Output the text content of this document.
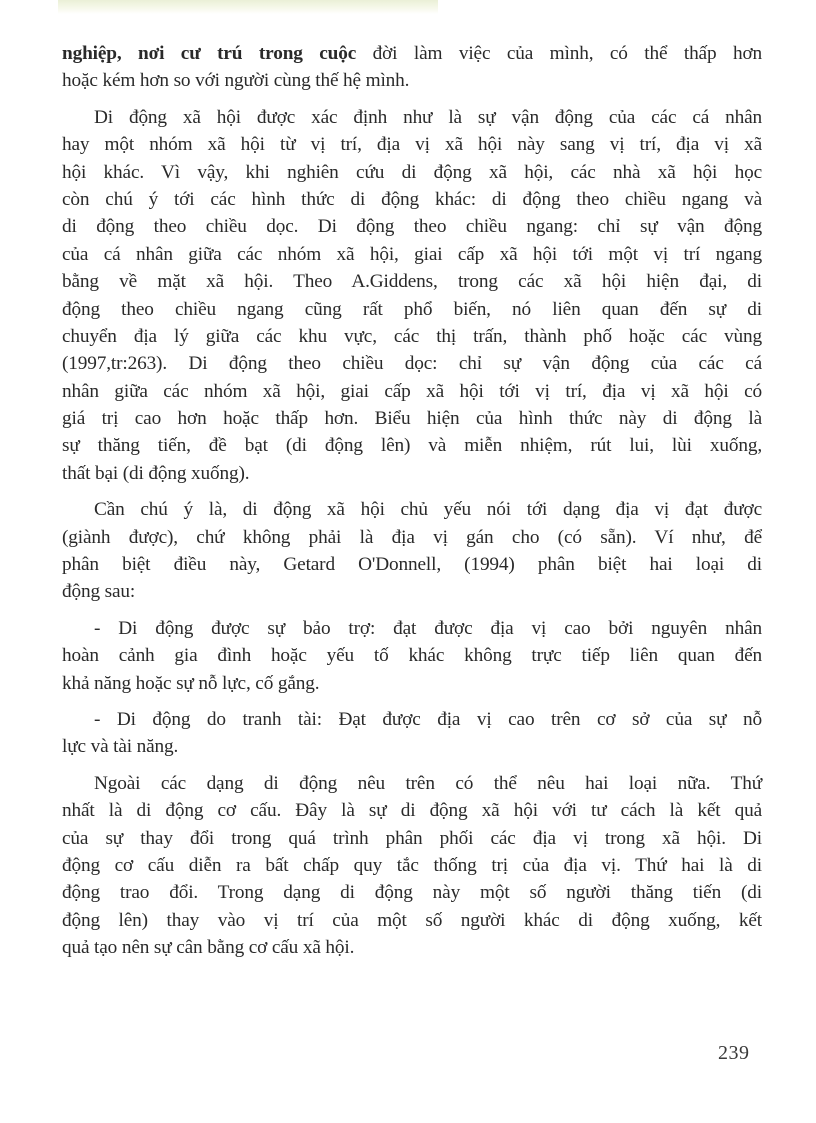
nghiệp, nơi cư trú trong cuộc đời làm việc của mình, có thể thấp hơn
hoặc kém hơn so với người cùng thế hệ mình.
Di động xã hội được xác định như là sự vận động của các cá nhân
hay một nhóm xã hội từ vị trí, địa vị xã hội này sang vị trí, địa vị xã
hội khác. Vì vậy, khi nghiên cứu di động xã hội, các nhà xã hội học
còn chú ý tới các hình thức di động khác: di động theo chiều ngang và
di động theo chiều dọc. Di động theo chiều ngang: chỉ sự vận động
của cá nhân giữa các nhóm xã hội, giai cấp xã hội tới một vị trí ngang
bằng về mặt xã hội. Theo A.Giddens, trong các xã hội hiện đại, di
động theo chiều ngang cũng rất phổ biến, nó liên quan đến sự di
chuyển địa lý giữa các khu vực, các thị trấn, thành phố hoặc các vùng
(1997,tr:263). Di động theo chiều dọc: chỉ sự vận động của các cá
nhân giữa các nhóm xã hội, giai cấp xã hội tới vị trí, địa vị xã hội có
giá trị cao hơn hoặc thấp hơn. Biểu hiện của hình thức này di động là
sự thăng tiến, đề bạt (di động lên) và miễn nhiệm, rút lui, lùi xuống,
thất bại (di động xuống).
Cần chú ý là, di động xã hội chủ yếu nói tới dạng địa vị đạt được
(giành được), chứ không phải là địa vị gán cho (có sẵn). Ví như, để
phân biệt điều này, Getard O'Donnell, (1994) phân biệt hai loại di
động sau:
- Di động được sự bảo trợ: đạt được địa vị cao bởi nguyên nhân
hoàn cảnh gia đình hoặc yếu tố khác không trực tiếp liên quan đến
khả năng hoặc sự nỗ lực, cố gắng.
- Di động do tranh tài: Đạt được địa vị cao trên cơ sở của sự nỗ
lực và tài năng.
Ngoài các dạng di động nêu trên có thể nêu hai loại nữa. Thứ
nhất là di động cơ cấu. Đây là sự di động xã hội với tư cách là kết quả
của sự thay đổi trong quá trình phân phối các địa vị trong xã hội. Di
động cơ cấu diễn ra bất chấp quy tắc thống trị của địa vị. Thứ hai là di
động trao đổi. Trong dạng di động này một số người thăng tiến (di
động lên) thay vào vị trí của một số người khác di động xuống, kết
quả tạo nên sự cân bằng cơ cấu xã hội.
239
